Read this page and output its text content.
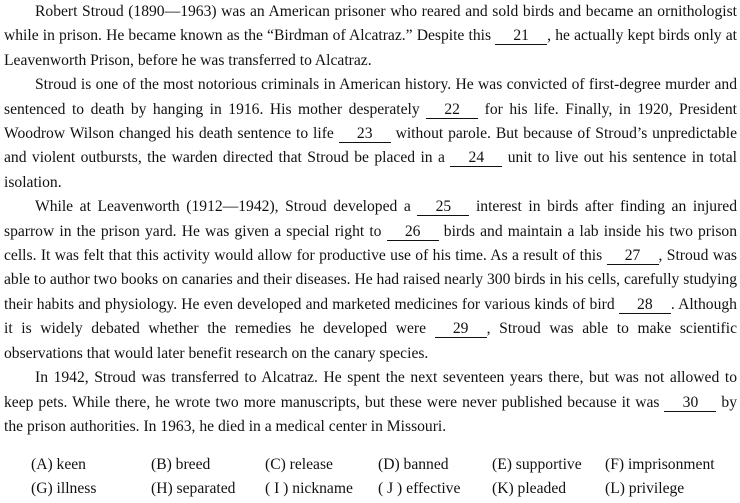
Robert Stroud (1890—1963) was an American prisoner who reared and sold birds and became an ornithologist while in prison. He became known as the “Birdman of Alcatraz.” Despite this 21 , he actually kept birds only at Leavenworth Prison, before he was transferred to Alcatraz.

Stroud is one of the most notorious criminals in American history. He was convicted of first-degree murder and sentenced to death by hanging in 1916. His mother desperately 22 for his life. Finally, in 1920, President Woodrow Wilson changed his death sentence to life 23 without parole. But because of Stroud’s unpredictable and violent outbursts, the warden directed that Stroud be placed in a 24 unit to live out his sentence in total isolation.

While at Leavenworth (1912—1942), Stroud developed a 25 interest in birds after finding an injured sparrow in the prison yard. He was given a special right to 26 birds and maintain a lab inside his two prison cells. It was felt that this activity would allow for productive use of his time. As a result of this 27 , Stroud was able to author two books on canaries and their diseases. He had raised nearly 300 birds in his cells, carefully studying their habits and physiology. He even developed and marketed medicines for various kinds of bird 28 . Although it is widely debated whether the remedies he developed were 29 , Stroud was able to make scientific observations that would later benefit research on the canary species.

In 1942, Stroud was transferred to Alcatraz. He spent the next seventeen years there, but was not allowed to keep pets. While there, he wrote two more manuscripts, but these were never published because it was 30 by the prison authorities. In 1963, he died in a medical center in Missouri.

(A) keen	(B) breed	(C) release	(D) banned	(E) supportive (F) imprisonment
(G) illness	(H) separated ( I ) nickname ( J ) effective (K) pleaded (L) privilege
